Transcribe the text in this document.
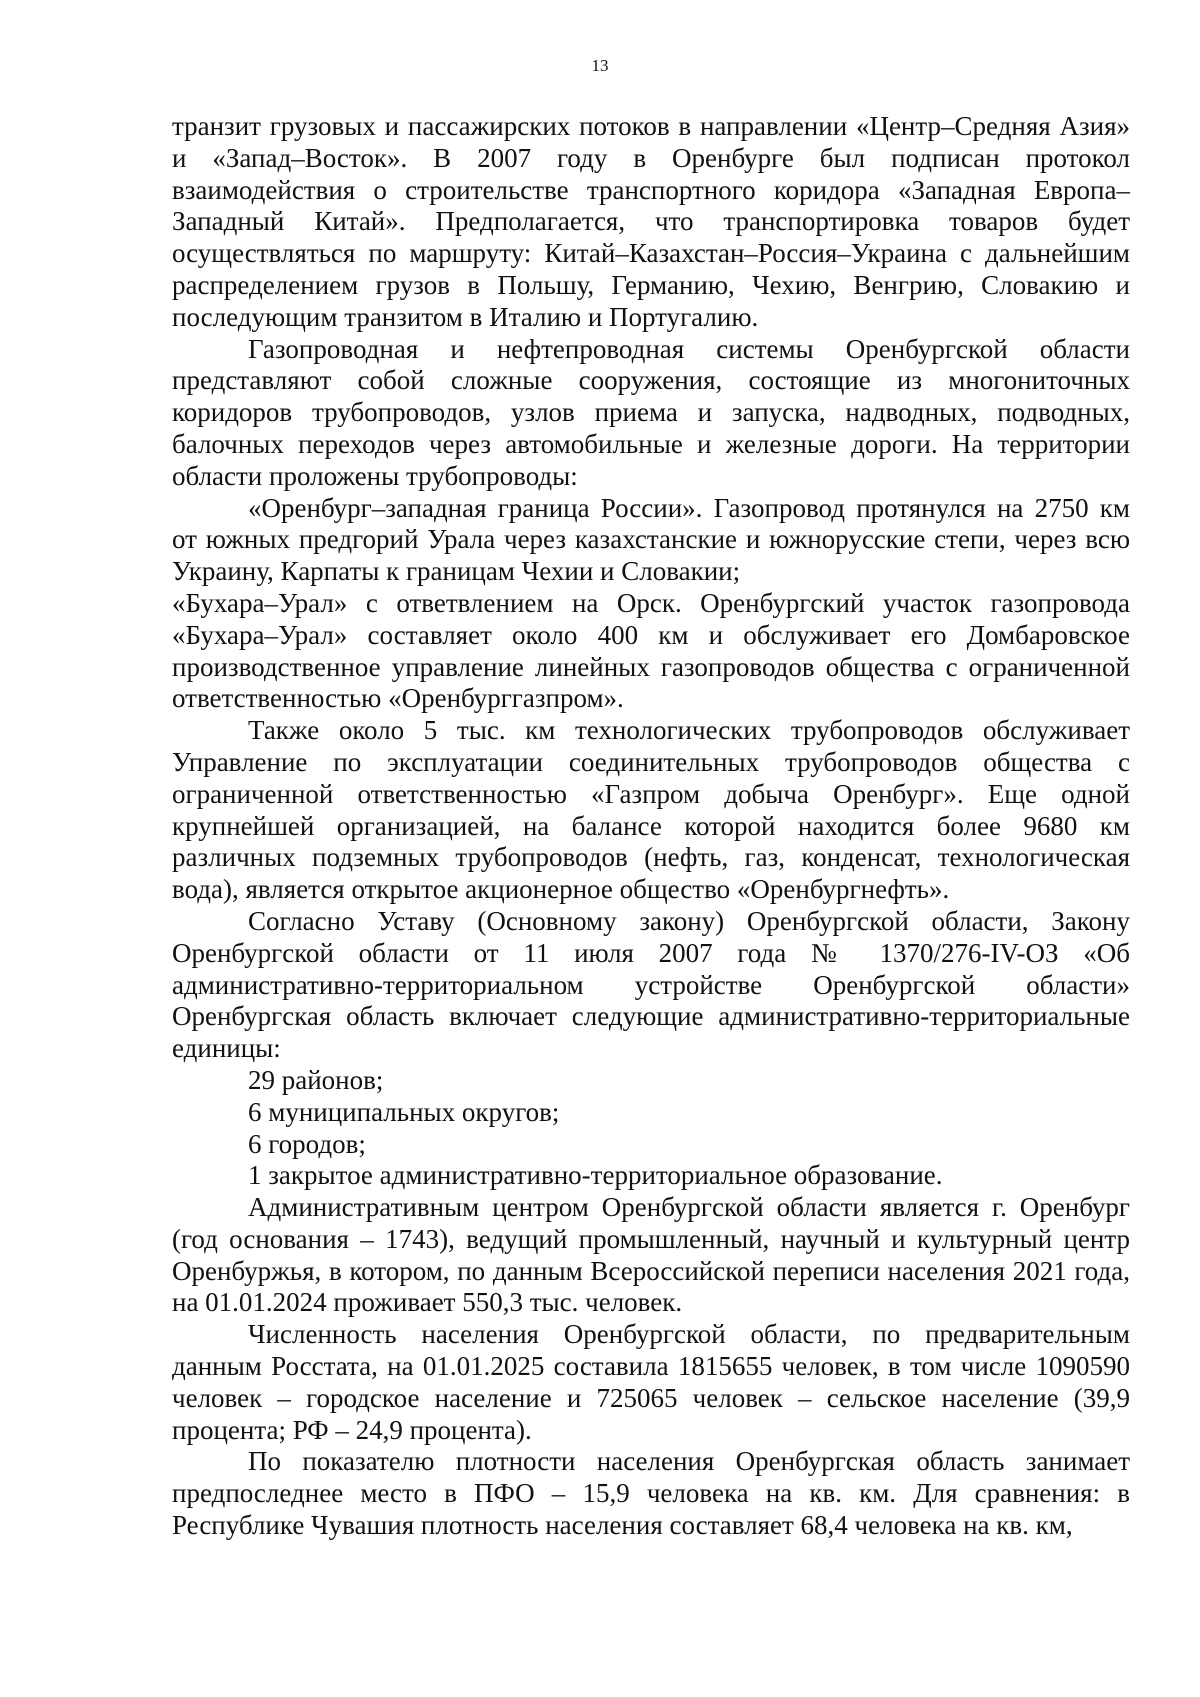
13

транзит грузовых и пассажирских потоков в направлении «Центр–Средняя Азия» и «Запад–Восток». В 2007 году в Оренбурге был подписан протокол взаимодействия о строительстве транспортного коридора «Западная Европа–Западный Китай». Предполагается, что транспортировка товаров будет осуществляться по маршруту: Китай–Казахстан–Россия–Украина с дальнейшим распределением грузов в Польшу, Германию, Чехию, Венгрию, Словакию и последующим транзитом в Италию и Португалию.

Газопроводная и нефтепроводная системы Оренбургской области представляют собой сложные сооружения, состоящие из многониточных коридоров трубопроводов, узлов приема и запуска, надводных, подводных, балочных переходов через автомобильные и железные дороги. На территории области проложены трубопроводы:

«Оренбург–западная граница России». Газопровод протянулся на 2750 км от южных предгорий Урала через казахстанские и южнорусские степи, через всю Украину, Карпаты к границам Чехии и Словакии;

«Бухара–Урал» с ответвлением на Орск. Оренбургский участок газопровода «Бухара–Урал» составляет около 400 км и обслуживает его Домбаровское производственное управление линейных газопроводов общества с ограниченной ответственностью «Оренбурггазпром».

Также около 5 тыс. км технологических трубопроводов обслуживает Управление по эксплуатации соединительных трубопроводов общества с ограниченной ответственностью «Газпром добыча Оренбург». Еще одной крупнейшей организацией, на балансе которой находится более 9680 км различных подземных трубопроводов (нефть, газ, конденсат, технологическая вода), является открытое акционерное общество «Оренбургнефть».

Согласно Уставу (Основному закону) Оренбургской области, Закону Оренбургской области от 11 июля 2007 года № 1370/276-IV-ОЗ «Об административно-территориальном устройстве Оренбургской области» Оренбургская область включает следующие административно-территориальные единицы:

29 районов;

6 муниципальных округов;

6 городов;

1 закрытое административно-территориальное образование.

Административным центром Оренбургской области является г. Оренбург (год основания – 1743), ведущий промышленный, научный и культурный центр Оренбуржья, в котором, по данным Всероссийской переписи населения 2021 года, на 01.01.2024 проживает 550,3 тыс. человек.

Численность населения Оренбургской области, по предварительным данным Росстата, на 01.01.2025 составила 1815655 человек, в том числе 1090590 человек – городское население и 725065 человек – сельское население (39,9 процента; РФ – 24,9 процента).

По показателю плотности населения Оренбургская область занимает предпоследнее место в ПФО – 15,9 человека на кв. км. Для сравнения: в Республике Чувашия плотность населения составляет 68,4 человека на кв. км,
